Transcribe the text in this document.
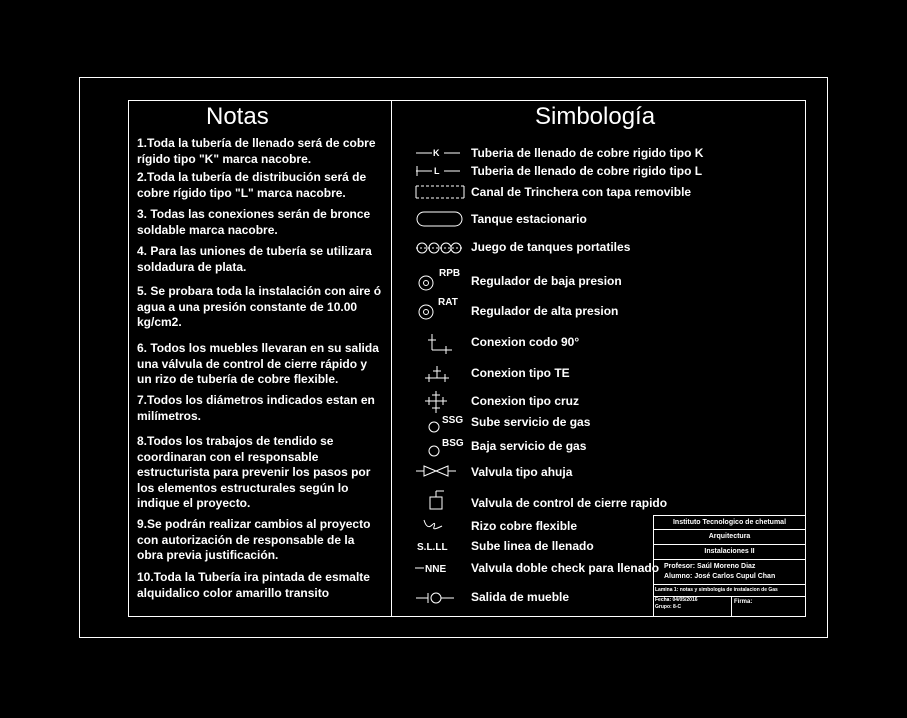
Notas
1.Toda la tubería de llenado será de cobre
rígido tipo "K" marca nacobre.
2.Toda la tubería de distribución será de
cobre rígido tipo "L" marca nacobre.
3. Todas las conexiones serán de bronce
soldable marca nacobre.
4. Para las uniones de tubería se utilizara
soldadura de plata.
5. Se probara toda la instalación con aire ó
agua a una presión constante de 10.00
kg/cm2.
6. Todos los muebles llevaran en su salida
una válvula de control de cierre rápido y
un rizo de tubería de cobre flexible.
7.Todos los diámetros indicados estan en
milímetros.
8.Todos los trabajos de tendido se
coordinaran con el responsable
estructurista para prevenir los pasos por
los elementos estructurales según lo
indique el proyecto.
9.Se podrán realizar cambios al proyecto
con autorización de responsable de la
obra previa justificación.
10.Toda la Tubería ira pintada de esmalte
alquidalico color amarillo transito
Simbología
K	Tuberia de llenado de cobre rigido tipo K
L	Tuberia de llenado de cobre rigido tipo L
Canal de Trinchera con tapa removible
Tanque estacionario
Juego de tanques portatiles
RPB
Regulador de baja presion
RAT
Regulador de alta presion
Conexion codo 90°
Conexion tipo TE
Conexion tipo cruz
SSG Sube servicio de gas
BSG Baja servicio de gas
Valvula tipo ahuja
Valvula de control de cierre rapido
Rizo cobre flexible
S.L.LL Sube linea de llenado
NNE Valvula doble check para llenado
Salida de mueble
Instituto Tecnologico de chetumal
Arquitectura
Instalaciones II
Profesor: Saúl Moreno Diaz
Alumno: José Carlos Cupul Chan
Lamina 1: notas y simbologia de instalacion de Gas
Fecha: 04/05/2016
Grupo: 8-C
Firma:
